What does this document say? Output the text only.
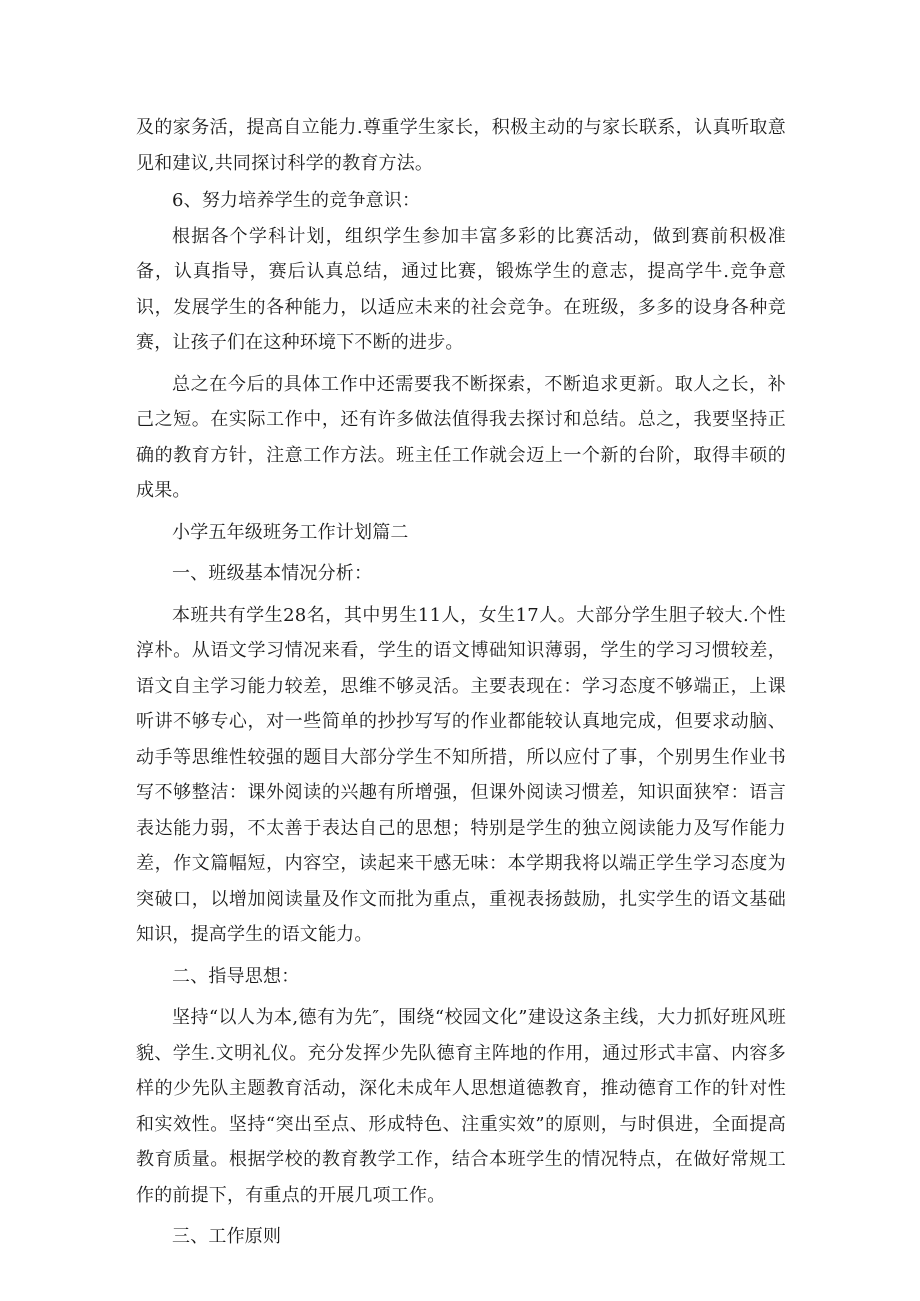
及的家务活，提高自立能力.尊重学生家长，积极主动的与家长联系，认真听取意见和建议,共同探讨科学的教育方法。

6、努力培养学生的竞争意识：

根据各个学科计划，组织学生参加丰富多彩的比赛活动，做到赛前积极准备，认真指导，赛后认真总结，通过比赛，锻炼学生的意志，提高学牛.竞争意识，发展学生的各种能力，以适应未来的社会竞争。在班级，多多的设身各种竞赛，让孩子们在这种环境下不断的进步。

总之在今后的具体工作中还需要我不断探索，不断追求更新。取人之长，补己之短。在实际工作中，还有许多做法值得我去探讨和总结。总之，我要坚持正确的教育方针，注意工作方法。班主任工作就会迈上一个新的台阶，取得丰硕的成果。

小学五年级班务工作计划篇二

一、班级基本情况分析：

本班共有学生28名，其中男生11人，女生17人。大部分学生胆子较大.个性淳朴。从语文学习情况来看，学生的语文博础知识薄弱，学生的学习习惯较差，语文自主学习能力较差，思维不够灵活。主要表现在：学习态度不够端正，上课听讲不够专心，对一些简单的抄抄写写的作业都能较认真地完成，但要求动脑、动手等思维性较强的题目大部分学生不知所措，所以应付了事，个别男生作业书写不够整洁：课外阅读的兴趣有所增强，但课外阅读习惯差，知识面狭窄：语言表达能力弱，不太善于表达自己的思想；特别是学生的独立阅读能力及写作能力差，作文篇幅短，内容空，读起来干感无味：本学期我将以端正学生学习态度为突破口，以增加阅读量及作文而批为重点，重视表扬鼓励，扎实学生的语文基础知识，提高学生的语文能力。

二、指导思想：

坚持“以人为本,德有为先″，围绕“校园文化”建设这条主线，大力抓好班风班貌、学生.文明礼仪。充分发挥少先队德育主阵地的作用，通过形式丰富、内容多样的少先队主题教育活动，深化未成年人思想道德教育，推动德育工作的针对性和实效性。坚持“突出至点、形成特色、注重实效”的原则，与时俱进，全面提高教育质量。根据学校的教育教学工作，结合本班学生的情况特点，在做好常规工作的前提下，有重点的开展几项工作。

三、工作原则
